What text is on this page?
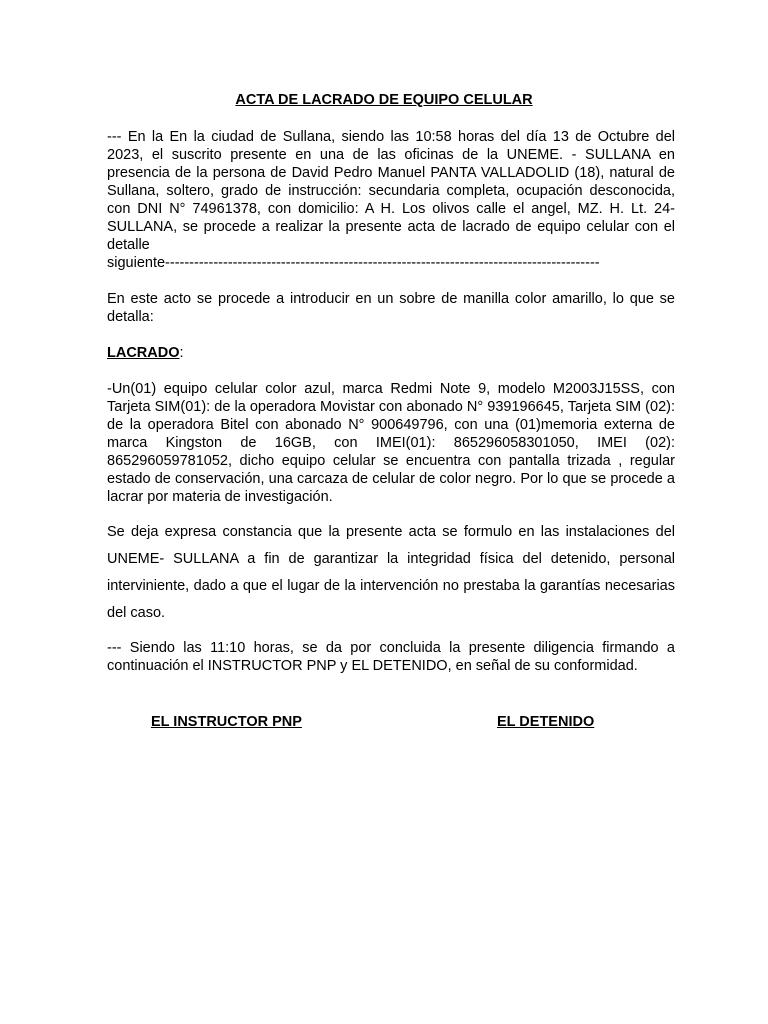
ACTA DE LACRADO DE EQUIPO CELULAR

--- En la En la ciudad de Sullana, siendo las 10:58 horas del día 13 de Octubre del 2023, el suscrito presente en una de las oficinas de la UNEME. - SULLANA en presencia de la persona de David Pedro Manuel PANTA VALLADOLID (18), natural de Sullana, soltero, grado de instrucción: secundaria completa, ocupación desconocida, con DNI N° 74961378, con domicilio: A H. Los olivos calle el angel, MZ. H. Lt. 24- SULLANA, se procede a realizar la presente acta de lacrado de equipo celular con el detalle

siguiente------------------------------------------------------------------------------------------

En este acto se procede a introducir en un sobre de manilla color amarillo, lo que se detalla:

LACRADO:

-Un(01) equipo celular color azul, marca Redmi Note 9, modelo M2003J15SS, con Tarjeta SIM(01): de la operadora Movistar con abonado N° 939196645, Tarjeta SIM (02): de la operadora Bitel con abonado N° 900649796, con una (01)memoria externa de marca Kingston de 16GB, con IMEI(01): 865296058301050, IMEI (02): 865296059781052, dicho equipo celular se encuentra con pantalla trizada , regular estado de conservación, una carcaza de celular de color negro. Por lo que se procede a lacrar por materia de investigación.

Se deja expresa constancia que la presente acta se formulo en las instalaciones del UNEME- SULLANA a fin de garantizar la integridad física del detenido, personal interviniente, dado a que el lugar de la intervención no prestaba la garantías necesarias del caso.

--- Siendo las 11:10 horas, se da por concluida la presente diligencia firmando a continuación el INSTRUCTOR PNP y EL DETENIDO, en señal de su conformidad.

EL INSTRUCTOR PNP	EL DETENIDO
